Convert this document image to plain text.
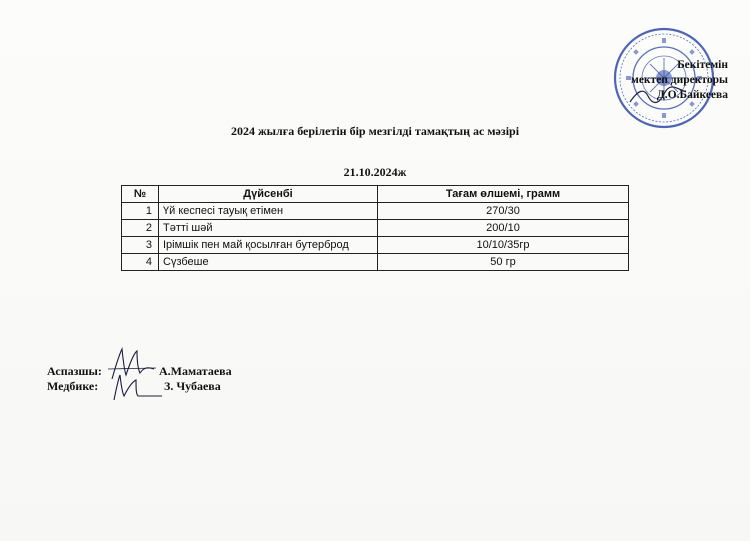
Бекітемін
мектеп директоры
Д.О.Байкеева
2024 жылға берілетін бір мезгілді тамақтың ас мәзірі
21.10.2024ж
№	Дүйсенбі	Тағам өлшемі, грамм
1	Үй кеспесі тауық етімен	270/30
2	Тәтті шәй	200/10
3	Ірімшік пен май қосылған бутерброд	10/10/35гр
4	Сүзбеше	50 гр
Аспазшы:	А.Маматаева
Медбике:	З. Чубаева
